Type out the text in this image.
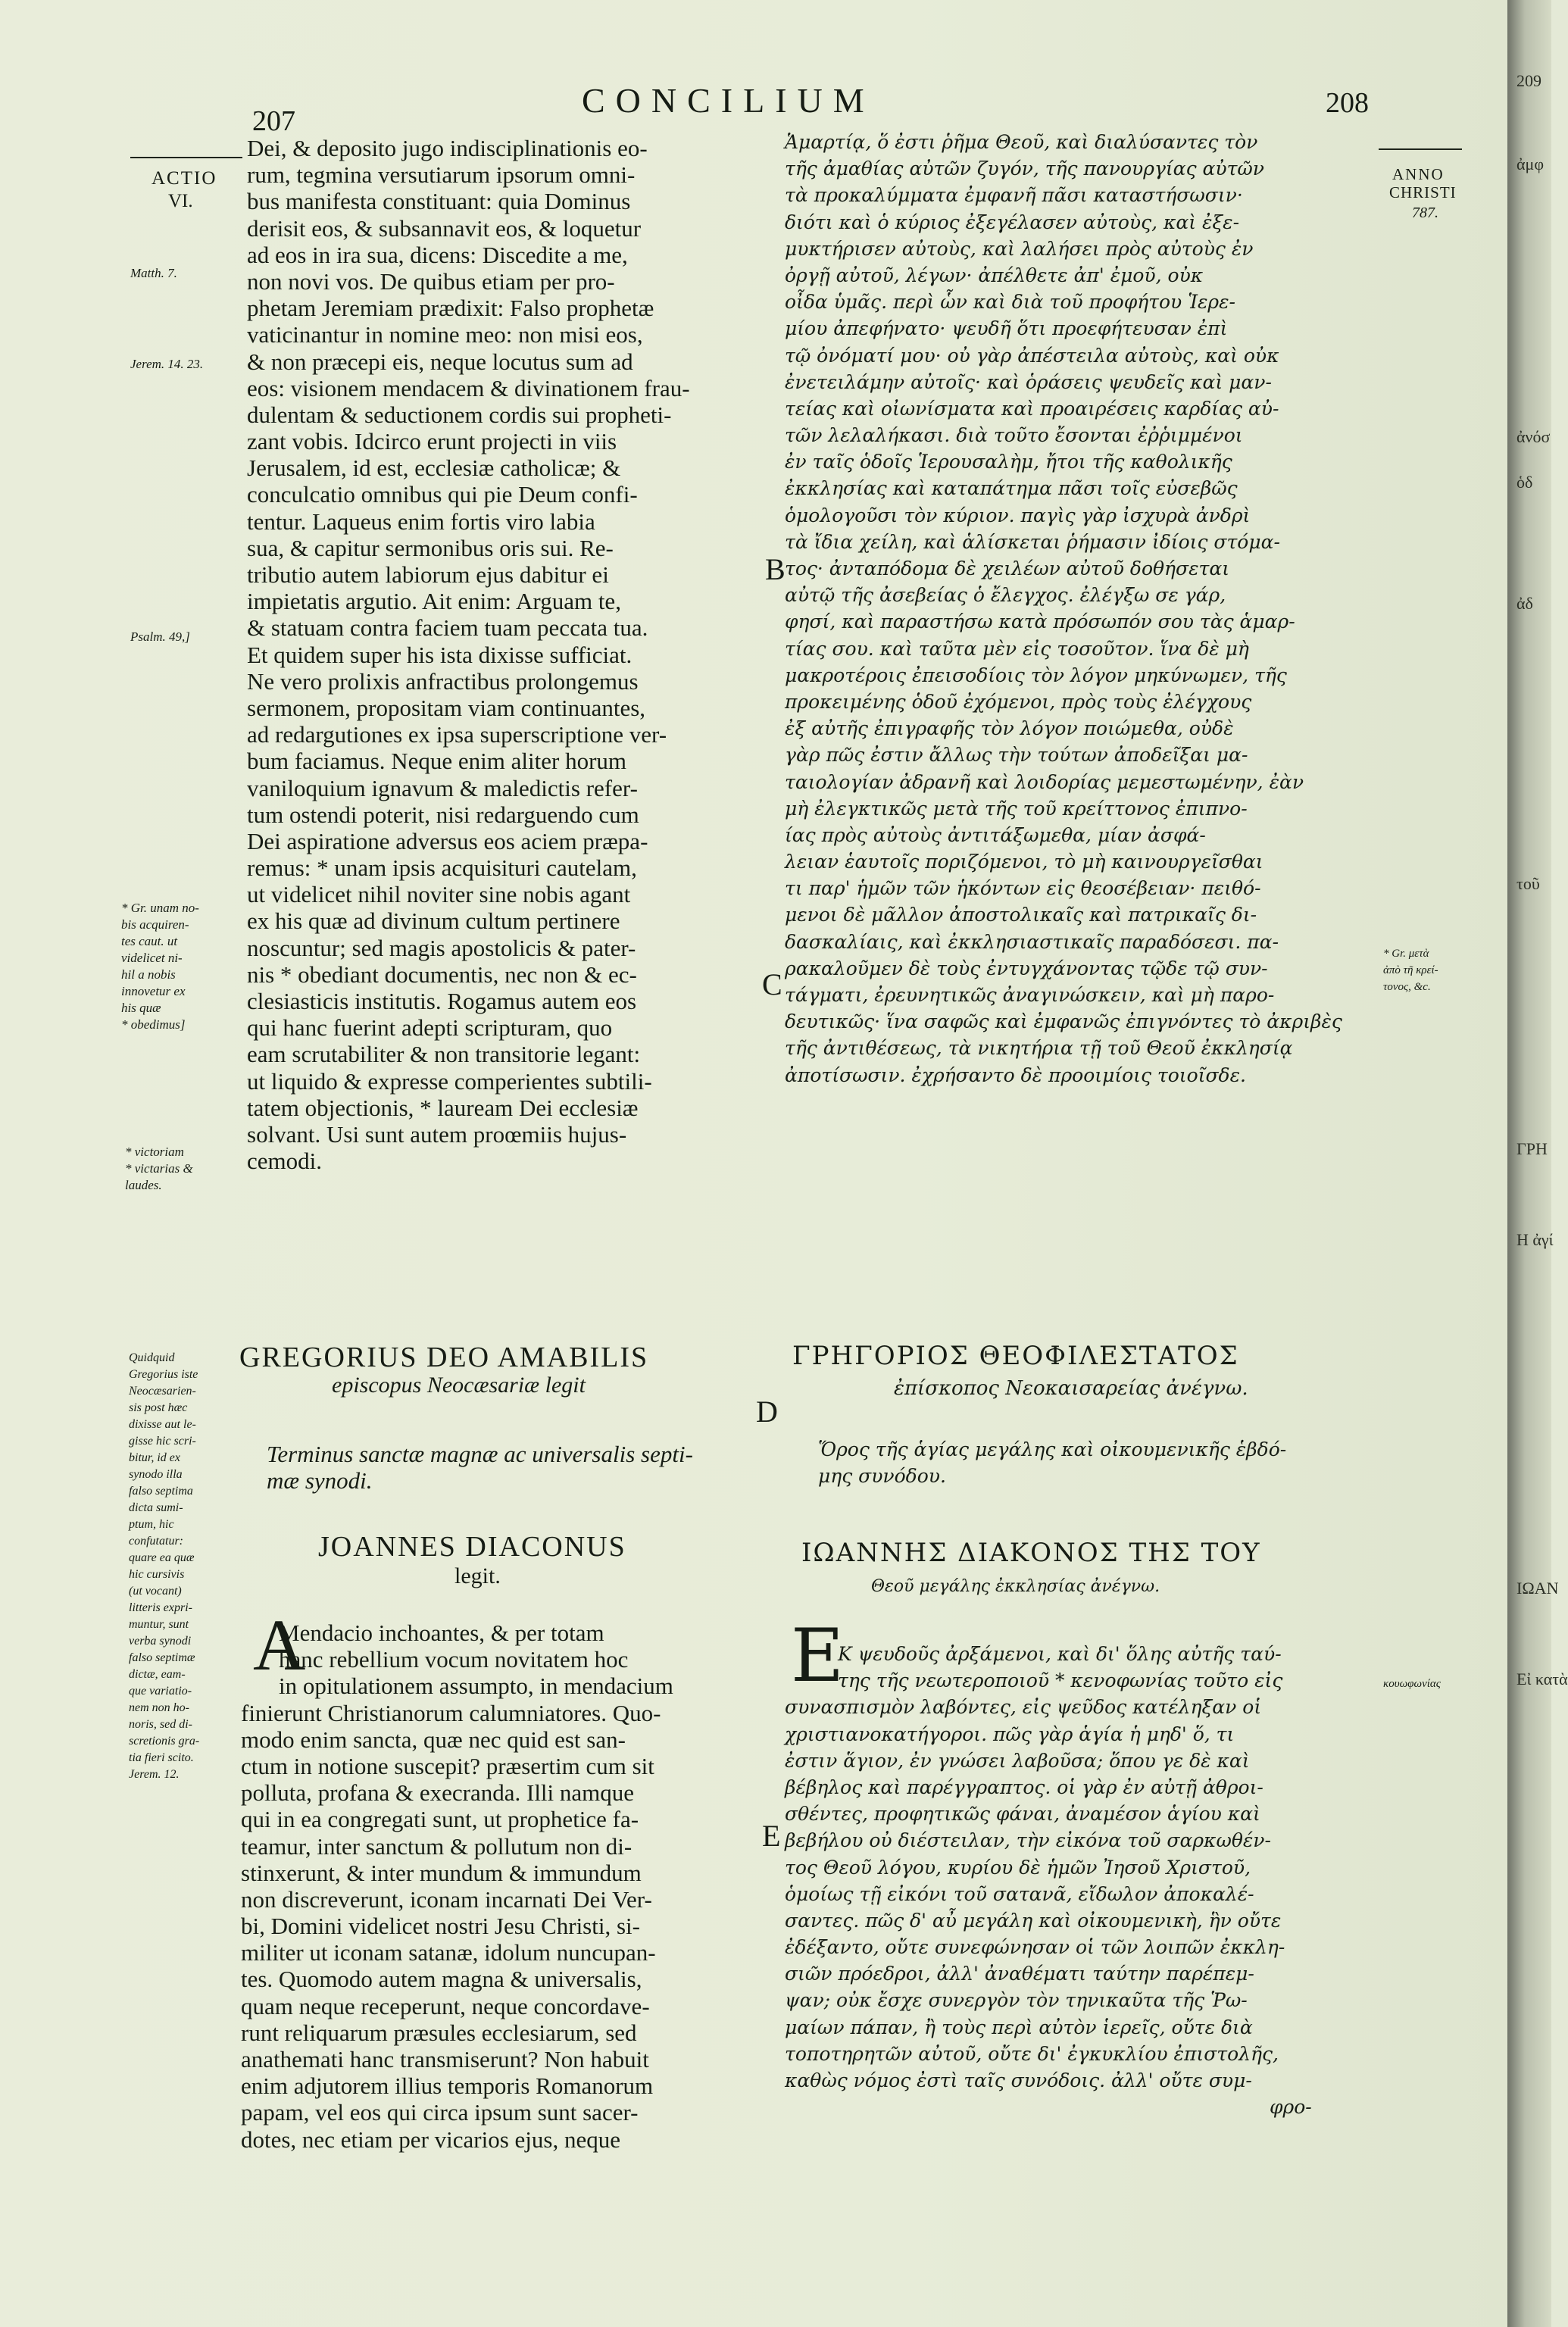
207
CONCILIUM	208
ACTIO
VI.
Matth. 7.
Jerem. 14. 23.
Psalm. 49,]
* Gr. unam no-
bis acquiren-
tes caut. ut
videlicet ni-
hil a nobis
innovetur ex
his quæ
* obedimus]
* victoriam
* victarias &
laudes.
Quidquid
Gregorius iste
Neocæsarien-
sis post hæc
dixisse aut le-
gisse hic scri-
bitur, id ex
synodo illa
falso septima
dicta sumi-
ptum, hic
confutatur:
quare ea quæ
hic cursivis
(ut vocant)
litteris expri-
muntur, sunt
verba synodi
falso septimæ
dictæ, eam-
que variatio-
nem non ho-
noris, sed di-
scretionis gra-
tia fieri scito.
Jerem. 12.
ANNO
CHRISTI
787.
* Gr. μετὰ
ἀπὸ τῆ κρεί-
τονος, &c.
κουωφωνίας
B
C
D
E
Dei, & deposito jugo indisciplinationis eo-
rum, tegmina versutiarum ipsorum omni-
bus manifesta constituant: quia Dominus
derisit eos, & subsannavit eos, & loquetur
ad eos in ira sua, dicens: Discedite a me,
non novi vos. De quibus etiam per pro-
phetam Jeremiam prædixit: Falso prophetæ
vaticinantur in nomine meo: non misi eos,
& non præcepi eis, neque locutus sum ad
eos: visionem mendacem & divinationem frau-
dulentam & seductionem cordis sui propheti-
zant vobis. Idcirco erunt projecti in viis
Jerusalem, id est, ecclesiæ catholicæ; &
conculcatio omnibus qui pie Deum confi-
tentur. Laqueus enim fortis viro labia
sua, & capitur sermonibus oris sui. Re-
tributio autem labiorum ejus dabitur ei
impietatis argutio. Ait enim: Arguam te,
& statuam contra faciem tuam peccata tua.
Et quidem super his ista dixisse sufficiat.
Ne vero prolixis anfractibus prolongemus
sermonem, propositam viam continuantes,
ad redargutiones ex ipsa superscriptione ver-
bum faciamus. Neque enim aliter horum
vaniloquium ignavum & maledictis refer-
tum ostendi poterit, nisi redarguendo cum
Dei aspiratione adversus eos aciem præpa-
remus: * unam ipsis acquisituri cautelam,
ut videlicet nihil noviter sine nobis agant
ex his quæ ad divinum cultum pertinere
noscuntur; sed magis apostolicis & pater-
nis * obediant documentis, nec non & ec-
clesiasticis institutis. Rogamus autem eos
qui hanc fuerint adepti scripturam, quo
eam scrutabiliter & non transitorie legant:
ut liquido & expresse comperientes subtili-
tatem objectionis, * lauream Dei ecclesiæ
solvant. Usi sunt autem proœmiis hujus-
cemodi.
Ἁμαρτίᾳ, ὅ ἐστι ῥῆμα Θεοῦ, καὶ διαλύσαντες τὸν
τῆς ἀμαθίας αὐτῶν ζυγόν, τῆς πανουργίας αὐτῶν
τὰ προκαλύμματα ἐμφανῆ πᾶσι καταστήσωσιν·
διότι καὶ ὁ κύριος ἐξεγέλασεν αὐτοὺς, καὶ ἐξε-
μυκτήρισεν αὐτοὺς, καὶ λαλήσει πρὸς αὐτοὺς ἐν
ὀργῇ αὐτοῦ, λέγων· ἀπέλθετε ἀπ' ἐμοῦ, οὐκ
οἶδα ὑμᾶς. περὶ ὧν καὶ διὰ τοῦ προφήτου Ἱερε-
μίου ἀπεφήνατο· ψευδῆ ὅτι προεφήτευσαν ἐπὶ
τῷ ὀνόματί μου· οὐ γὰρ ἀπέστειλα αὐτοὺς, καὶ οὐκ
ἐνετειλάμην αὐτοῖς· καὶ ὁράσεις ψευδεῖς καὶ μαν-
τείας καὶ οἰωνίσματα καὶ προαιρέσεις καρδίας αὐ-
τῶν λελαλήκασι. διὰ τοῦτο ἔσονται ἐῤῥιμμένοι
ἐν ταῖς ὁδοῖς Ἱερουσαλὴμ, ἤτοι τῆς καθολικῆς
ἐκκλησίας καὶ καταπάτημα πᾶσι τοῖς εὐσεβῶς
ὁμολογοῦσι τὸν κύριον. παγὶς γὰρ ἰσχυρὰ ἀνδρὶ
τὰ ἴδια χείλη, καὶ ἁλίσκεται ῥήμασιν ἰδίοις στόμα-
τος· ἀνταπόδομα δὲ χειλέων αὐτοῦ δοθήσεται
αὐτῷ τῆς ἀσεβείας ὁ ἔλεγχος. ἐλέγξω σε γάρ,
φησί, καὶ παραστήσω κατὰ πρόσωπόν σου τὰς ἁμαρ-
τίας σου. καὶ ταῦτα μὲν εἰς τοσοῦτον. ἵνα δὲ μὴ
μακροτέροις ἐπεισοδίοις τὸν λόγον μηκύνωμεν, τῆς
προκειμένης ὁδοῦ ἐχόμενοι, πρὸς τοὺς ἐλέγχους
ἐξ αὐτῆς ἐπιγραφῆς τὸν λόγον ποιώμεθα, οὐδὲ
γὰρ πῶς ἐστιν ἄλλως τὴν τούτων ἀποδεῖξαι μα-
ταιολογίαν ἀδρανῆ καὶ λοιδορίας μεμεστωμένην, ἐὰν
μὴ ἐλεγκτικῶς μετὰ τῆς τοῦ κρείττονος ἐπιπνο-
ίας πρὸς αὐτοὺς ἀντιτάξωμεθα, μίαν ἀσφά-
λειαν ἑαυτοῖς ποριζόμενοι, τὸ μὴ καινουργεῖσθαι
τι παρ' ἡμῶν τῶν ἡκόντων εἰς θεοσέβειαν· πειθό-
μενοι δὲ μᾶλλον ἀποστολικαῖς καὶ πατρικαῖς δι-
δασκαλίαις, καὶ ἐκκλησιαστικαῖς παραδόσεσι. πα-
ρακαλοῦμεν δὲ τοὺς ἐντυγχάνοντας τῷδε τῷ συν-
τάγματι, ἐρευνητικῶς ἀναγινώσκειν, καὶ μὴ παρο-
δευτικῶς· ἵνα σαφῶς καὶ ἐμφανῶς ἐπιγνόντες τὸ ἀκριβὲς
τῆς ἀντιθέσεως, τὰ νικητήρια τῇ τοῦ Θεοῦ ἐκκλησίᾳ
ἀποτίσωσιν. ἐχρήσαντο δὲ προοιμίοις τοιοῖσδε.
GREGORIUS DEO AMABILIS
episcopus Neocæsariæ legit
ΓΡΗΓΟΡΙΟΣ ΘΕΟΦΙΛΕΣΤΑΤΟΣ
ἐπίσκοπος Νεοκαισαρείας ἀνέγνω.
Terminus sanctæ magnæ ac universalis septi-
mæ synodi.
Ὅρος τῆς ἁγίας μεγάλης καὶ οἰκουμενικῆς ἑβδό-
μης συνόδου.
JOANNES DIACONUS
legit.
ΙΩΑΝΝΗΣ ΔΙΑΚΟΝΟΣ ΤΗΣ ΤΟΥ
Θεοῦ μεγάλης ἐκκλησίας ἀνέγνω.
A
Mendacio inchoantes, & per totam
hanc rebellium vocum novitatem hoc
in opitulationem assumpto, in mendacium
finierunt Christianorum calumniatores. Quo-
modo enim sancta, quæ nec quid est san-
ctum in notione suscepit? præsertim cum sit
polluta, profana & execranda. Illi namque
qui in ea congregati sunt, ut prophetice fa-
teamur, inter sanctum & pollutum non di-
stinxerunt, & inter mundum & immundum
non discreverunt, iconam incarnati Dei Ver-
bi, Domini videlicet nostri Jesu Christi, si-
militer ut iconam satanæ, idolum nuncupan-
tes. Quomodo autem magna & universalis,
quam neque receperunt, neque concordave-
runt reliquarum præsules ecclesiarum, sed
anathemati hanc transmiserunt? Non habuit
enim adjutorem illius temporis Romanorum
papam, vel eos qui circa ipsum sunt sacer-
dotes, nec etiam per vicarios ejus, neque
Ε
Κ ψευδοῦς ἀρξάμενοι, καὶ δι' ὅλης αὐτῆς ταύ-
της τῆς νεωτεροποιοῦ * κενοφωνίας τοῦτο εἰς
συνασπισμὸν λαβόντες, εἰς ψεῦδος κατέληξαν οἱ
χριστιανοκατήγοροι. πῶς γὰρ ἁγία ἡ μηδ' ὅ, τι
ἐστιν ἅγιον, ἐν γνώσει λαβοῦσα; ὅπου γε δὲ καὶ
βέβηλος καὶ παρέγγραπτος. οἱ γὰρ ἐν αὐτῇ ἀθροι-
σθέντες, προφητικῶς φάναι, ἀναμέσον ἁγίου καὶ
βεβήλου οὐ διέστειλαν, τὴν εἰκόνα τοῦ σαρκωθέν-
τος Θεοῦ λόγου, κυρίου δὲ ἡμῶν Ἰησοῦ Χριστοῦ,
ὁμοίως τῇ εἰκόνι τοῦ σατανᾶ, εἴδωλον ἀποκαλέ-
σαντες. πῶς δ' αὖ μεγάλη καὶ οἰκουμενικὴ, ἣν οὔτε
ἐδέξαντο, οὔτε συνεφώνησαν οἱ τῶν λοιπῶν ἐκκλη-
σιῶν πρόεδροι, ἀλλ' ἀναθέματι ταύτην παρέπεμ-
ψαν; οὐκ ἔσχε συνεργὸν τὸν τηνικαῦτα τῆς Ῥω-
μαίων πάπαν, ἢ τοὺς περὶ αὐτὸν ἱερεῖς, οὔτε διὰ
τοποτηρητῶν αὐτοῦ, οὔτε δι' ἐγκυκλίου ἐπιστολῆς,
καθὼς νόμος ἐστὶ ταῖς συνόδοις. ἀλλ' οὔτε συμ-
φρο-
209
ἀμφ
ἀνόσ
ὁδ
ἀδ
τοῦ
ΓΡΗ
Η ἀγί
ΙΩΑΝ
Εἰ κατὰ
